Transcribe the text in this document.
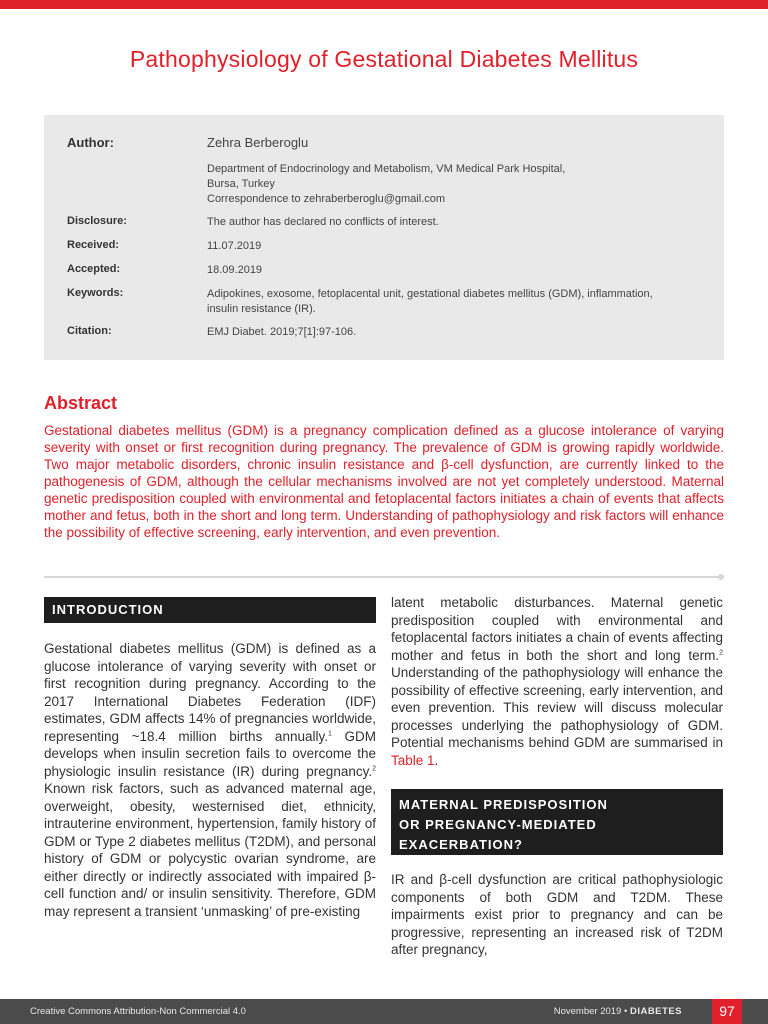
Pathophysiology of Gestational Diabetes Mellitus
Author:	Zehra Berberoglu
Department of Endocrinology and Metabolism, VM Medical Park Hospital,
Bursa, Turkey
Correspondence to zehraberberoglu@gmail.com
Disclosure:	The author has declared no conflicts of interest.
Received:	11.07.2019
Accepted:	18.09.2019
Keywords:	Adipokines, exosome, fetoplacental unit, gestational diabetes mellitus (GDM), inflammation, insulin resistance (IR).
Citation:	EMJ Diabet. 2019;7[1]:97-106.
Abstract

Gestational diabetes mellitus (GDM) is a pregnancy complication defined as a glucose intolerance of varying severity with onset or first recognition during pregnancy. The prevalence of GDM is growing rapidly worldwide. Two major metabolic disorders, chronic insulin resistance and β-cell dysfunction, are currently linked to the pathogenesis of GDM, although the cellular mechanisms involved are not yet completely understood. Maternal genetic predisposition coupled with environmental and fetoplacental factors initiates a chain of events that affects mother and fetus, both in the short and long term. Understanding of pathophysiology and risk factors will enhance the possibility of effective screening, early intervention, and even prevention.

INTRODUCTION

Gestational diabetes mellitus (GDM) is defined as a glucose intolerance of varying severity with onset or first recognition during pregnancy. According to the 2017 International Diabetes Federation (IDF) estimates, GDM affects 14% of pregnancies worldwide, representing ~18.4 million births annually.$^1$ GDM develops when insulin secretion fails to overcome the physiologic insulin resistance (IR) during pregnancy.$^2$ Known risk factors, such as advanced maternal age, overweight, obesity, westernised diet, ethnicity, intrauterine environment, hypertension, family history of GDM or Type 2 diabetes mellitus (T2DM), and personal history of GDM or polycystic ovarian syndrome, are either directly or indirectly associated with impaired β-cell function and/ or insulin sensitivity. Therefore, GDM may represent a transient ‘unmasking’ of pre-existing

latent metabolic disturbances. Maternal genetic predisposition coupled with environmental and fetoplacental factors initiates a chain of events affecting mother and fetus in both the short and long term.$^2$ Understanding of the pathophysiology will enhance the possibility of effective screening, early intervention, and even prevention. This review will discuss molecular processes underlying the pathophysiology of GDM. Potential mechanisms behind GDM are summarised in Table 1.

MATERNAL PREDISPOSITION
OR PREGNANCY-MEDIATED
EXACERBATION?

IR and β-cell dysfunction are critical pathophysiologic components of both GDM and T2DM. These impairments exist prior to pregnancy and can be progressive, representing an increased risk of T2DM after pregnancy,

Creative Commons Attribution-Non Commercial 4.0	November 2019 • DIABETES	97
